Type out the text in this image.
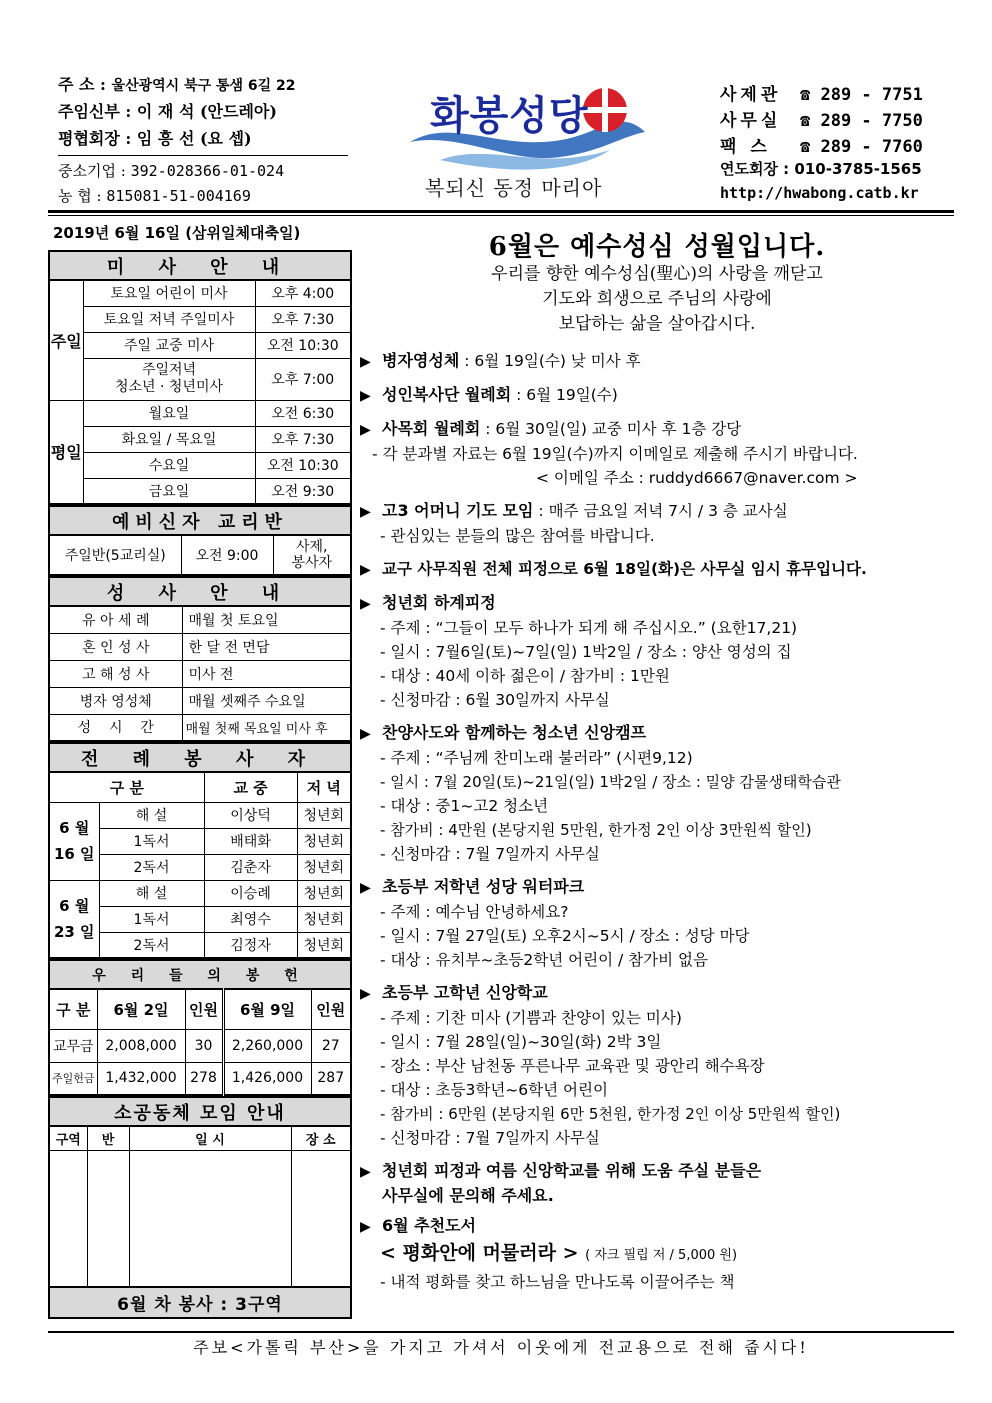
주 소 : 울산광역시 북구 통샘 6길 22
주임신부 : 이 재 석 (안드레아)
평협회장 : 임 흥 선 (요 셉)
중소기업 : 392-028366-01-024
농 협 : 815081-51-004169
화봉성당
복되신 동정 마리아
사제관 ☎ 289 - 7751
사무실 ☎ 289 - 7750
팩 스 ☎ 289 - 7760
연도회장 : 010-3785-1565
http://hwabong.catb.kr
2019년 6월 16일 (삼위일체대축일)
미 사 안 내		
주일	토요일 어린이 미사	오후 4:00
	토요일 저녁 주일미사	오후 7:30
	주일 교중 미사	오전 10:30
	주일저녁
청소년 · 청년미사	오후 7:00
평일	월요일	오전 6:30
	화요일 / 목요일	오후 7:30
	수요일	오전 10:30
	금요일	오전 9:30
예비신자 교리반
주일반(5교리실)	오전 9:00	사제,
봉사자
성 사 안 내	
유 아 세 례	매월 첫 토요일
혼 인 성 사	한 달 전 면담
고 해 성 사	미사 전
병자 영성체	매월 셋째주 수요일
성    시    간	매월 첫째 목요일 미사 후
전 례 봉 사 자			
구 분		교 중	저 녁
6 월
16 일	해 설	이상덕	청년회
	1독서	배태화	청년회
	2독서	김춘자	청년회
6 월
23 일	해 설	이승례	청년회
	1독서	최영수	청년회
	2독서	김정자	청년회
우 리 들 의 봉 헌				
구 분	6월 2일	인원	6월 9일	인원
교무금	2,008,000	30	2,260,000	27
주일헌금	1,432,000	278	1,426,000	287
소공동체 모임 안내			
구역	반	일 시	장 소

6월 차 봉사 : 3구역			
6월은 예수성심 성월입니다.
우리를 향한 예수성심(聖心)의 사랑을 깨닫고
기도와 희생으로 주님의 사랑에
보답하는 삶을 살아갑시다.
▶ 병자영성체 : 6월 19일(수) 낮 미사 후
▶ 성인복사단 월례회 : 6월 19일(수)
▶ 사목회 월례회 : 6월 30일(일) 교중 미사 후 1층 강당
- 각 분과별 자료는 6월 19일(수)까지 이메일로 제출해 주시기 바랍니다.
< 이메일 주소 : ruddyd6667@naver.com >
▶ 고3 어머니 기도 모임 : 매주 금요일 저녁 7시 / 3 층 교사실
- 관심있는 분들의 많은 참여를 바랍니다.
▶ 교구 사무직원 전체 피정으로 6월 18일(화)은 사무실 임시 휴무입니다.
▶ 청년회 하계피정
- 주제 : “그들이 모두 하나가 되게 해 주십시오.” (요한17,21)
- 일시 : 7월6일(토)~7일(일) 1박2일 / 장소 : 양산 영성의 집
- 대상 : 40세 이하 젊은이 / 참가비 : 1만원
- 신청마감 : 6월 30일까지 사무실
▶ 찬양사도와 함께하는 청소년 신앙캠프
- 주제 : “주님께 찬미노래 불러라” (시편9,12)
- 일시 : 7월 20일(토)~21일(일) 1박2일 / 장소 : 밀양 감물생태학습관
- 대상 : 중1~고2 청소년
- 참가비 : 4만원 (본당지원 5만원, 한가정 2인 이상 3만원씩 할인)
- 신청마감 : 7월 7일까지 사무실
▶ 초등부 저학년 성당 워터파크
- 주제 : 예수님 안녕하세요?
- 일시 : 7월 27일(토) 오후2시~5시 / 장소 : 성당 마당
- 대상 : 유치부~초등2학년 어린이 / 참가비 없음
▶ 초등부 고학년 신앙학교
- 주제 : 기찬 미사 (기쁨과 찬양이 있는 미사)
- 일시 : 7월 28일(일)~30일(화) 2박 3일
- 장소 : 부산 남천동 푸른나무 교육관 및 광안리 해수욕장
- 대상 : 초등3학년~6학년 어린이
- 참가비 : 6만원 (본당지원 6만 5천원, 한가정 2인 이상 5만원씩 할인)
- 신청마감 : 7월 7일까지 사무실
▶ 청년회 피정과 여름 신앙학교를 위해 도움 주실 분들은
사무실에 문의해 주세요.
▶ 6월 추천도서
< 평화안에 머물러라 > ( 자크 필립 저 / 5,000 원)
- 내적 평화를 찾고 하느님을 만나도록 이끌어주는 책
주보<가톨릭 부산>을 가지고 가셔서 이웃에게 전교용으로 전해 줍시다!
